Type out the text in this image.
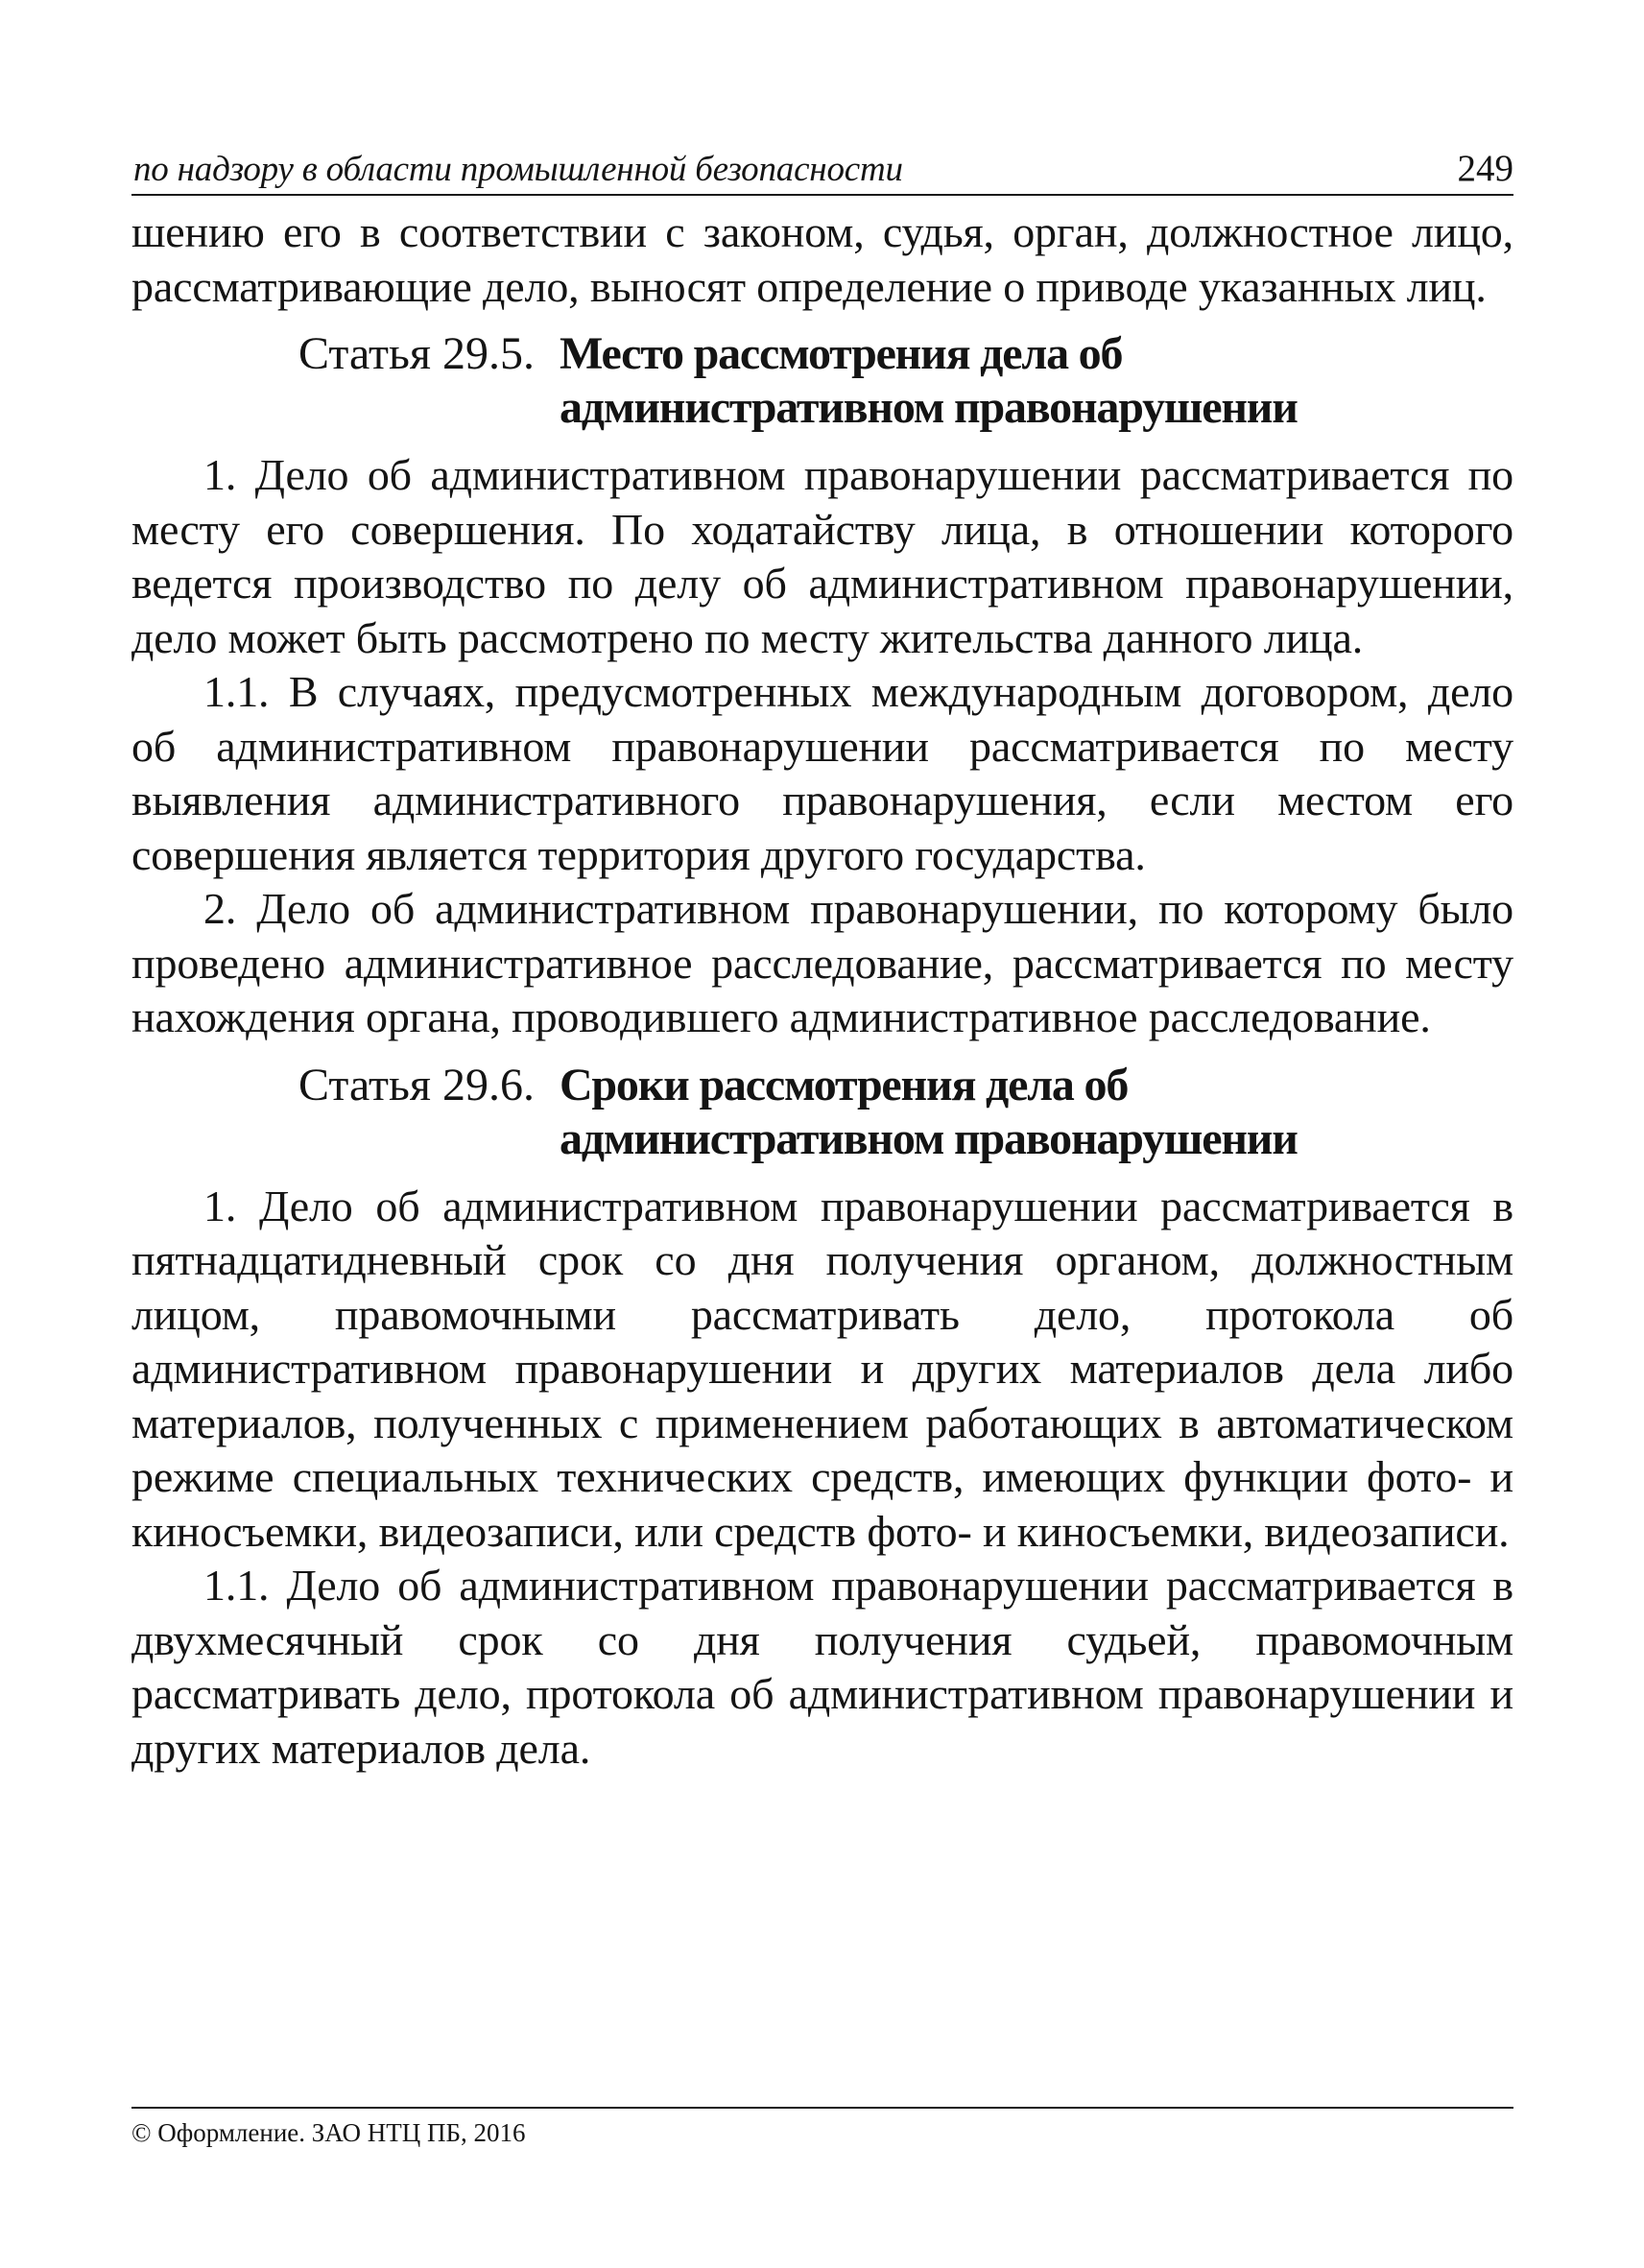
по надзору в области промышленной безопасности	249

шению его в соответствии с законом, судья, орган, должностное лицо, рассматривающие дело, выносят определение о приводе указанных лиц.

Статья 29.5. Место рассмотрения дела об административном правонарушении

1. Дело об административном правонарушении рассматривается по месту его совершения. По ходатайству лица, в отношении которого ведется производство по делу об административном правонарушении, дело может быть рассмотрено по месту жительства данного лица.

1.1. В случаях, предусмотренных международным договором, дело об административном правонарушении рассматривается по месту выявления административного правонарушения, если местом его совершения является территория другого государства.

2. Дело об административном правонарушении, по которому было проведено административное расследование, рассматривается по месту нахождения органа, проводившего административное расследование.

Статья 29.6. Сроки рассмотрения дела об административном правонарушении

1. Дело об административном правонарушении рассматривается в пятнадцатидневный срок со дня получения органом, должностным лицом, правомочными рассматривать дело, протокола об административном правонарушении и других материалов дела либо материалов, полученных с применением работающих в автоматическом режиме специальных технических средств, имеющих функции фото- и киносъемки, видеозаписи, или средств фото- и киносъемки, видеозаписи.

1.1. Дело об административном правонарушении рассматривается в двухмесячный срок со дня получения судьей, правомочным рассматривать дело, протокола об административном правонарушении и других материалов дела.

© Оформление. ЗАО НТЦ ПБ, 2016
